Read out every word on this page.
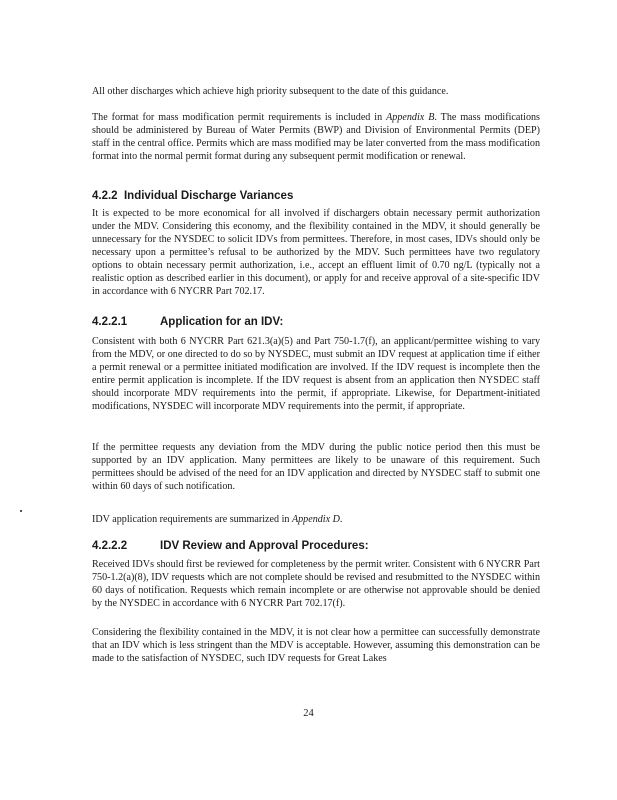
All other discharges which achieve high priority subsequent to the date of this guidance.

The format for mass modification permit requirements is included in Appendix B. The mass modifications should be administered by Bureau of Water Permits (BWP) and Division of Environmental Permits (DEP) staff in the central office. Permits which are mass modified may be later converted from the mass modification format into the normal permit format during any subsequent permit modification or renewal.

4.2.2 Individual Discharge Variances

It is expected to be more economical for all involved if dischargers obtain necessary permit authorization under the MDV. Considering this economy, and the flexibility contained in the MDV, it should generally be unnecessary for the NYSDEC to solicit IDVs from permittees. Therefore, in most cases, IDVs should only be necessary upon a permittee’s refusal to be authorized by the MDV. Such permittees have two regulatory options to obtain necessary permit authorization, i.e., accept an effluent limit of 0.70 ng/L (typically not a realistic option as described earlier in this document), or apply for and receive approval of a site-specific IDV in accordance with 6 NYCRR Part 702.17.

4.2.2.1	Application for an IDV:

Consistent with both 6 NYCRR Part 621.3(a)(5) and Part 750-1.7(f), an applicant/permittee wishing to vary from the MDV, or one directed to do so by NYSDEC, must submit an IDV request at application time if either a permit renewal or a permittee initiated modification are involved. If the IDV request is incomplete then the entire permit application is incomplete. If the IDV request is absent from an application then NYSDEC staff should incorporate MDV requirements into the permit, if appropriate. Likewise, for Department-initiated modifications, NYSDEC will incorporate MDV requirements into the permit, if appropriate.

If the permittee requests any deviation from the MDV during the public notice period then this must be supported by an IDV application. Many permittees are likely to be unaware of this requirement. Such permittees should be advised of the need for an IDV application and directed by NYSDEC staff to submit one within 60 days of such notification.

IDV application requirements are summarized in Appendix D.

4.2.2.2	IDV Review and Approval Procedures:

Received IDVs should first be reviewed for completeness by the permit writer. Consistent with 6 NYCRR Part 750-1.2(a)(8), IDV requests which are not complete should be revised and resubmitted to the NYSDEC within 60 days of notification. Requests which remain incomplete or are otherwise not approvable should be denied by the NYSDEC in accordance with 6 NYCRR Part 702.17(f).

Considering the flexibility contained in the MDV, it is not clear how a permittee can successfully demonstrate that an IDV which is less stringent than the MDV is acceptable. However, assuming this demonstration can be made to the satisfaction of NYSDEC, such IDV requests for Great Lakes

24
